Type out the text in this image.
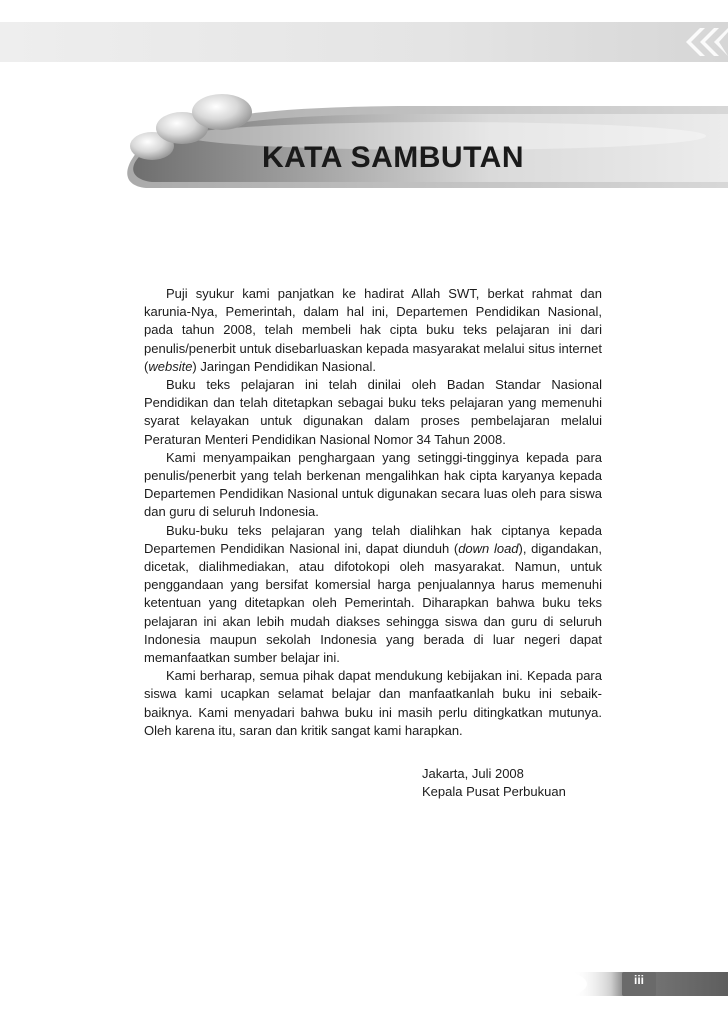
KATA SAMBUTAN

Puji syukur kami panjatkan ke hadirat Allah SWT, berkat rahmat dan karunia-Nya, Pemerintah, dalam hal ini, Departemen Pendidikan Nasional, pada tahun 2008, telah membeli hak cipta buku teks pelajaran ini dari penulis/penerbit untuk disebarluaskan kepada masyarakat melalui situs internet (website) Jaringan Pendidikan Nasional.

Buku teks pelajaran ini telah dinilai oleh Badan Standar Nasional Pendidikan dan telah ditetapkan sebagai buku teks pelajaran yang memenuhi syarat kelayakan untuk digunakan dalam proses pembelajaran melalui Peraturan Menteri Pendidikan Nasional Nomor 34 Tahun 2008.

Kami menyampaikan penghargaan yang setinggi-tingginya kepada para penulis/penerbit yang telah berkenan mengalihkan hak cipta karyanya kepada Departemen Pendidikan Nasional untuk digunakan secara luas oleh para siswa dan guru di seluruh Indonesia.

Buku-buku teks pelajaran yang telah dialihkan hak ciptanya kepada Departemen Pendidikan Nasional ini, dapat diunduh (down load), digandakan, dicetak, dialihmediakan, atau difotokopi oleh masyarakat. Namun, untuk penggandaan yang bersifat komersial harga penjualannya harus memenuhi ketentuan yang ditetapkan oleh Pemerintah. Diharapkan bahwa buku teks pelajaran ini akan lebih mudah diakses sehingga siswa dan guru di seluruh Indonesia maupun sekolah Indonesia yang berada di luar negeri dapat memanfaatkan sumber belajar ini.

Kami berharap, semua pihak dapat mendukung kebijakan ini. Kepada para siswa kami ucapkan selamat belajar dan manfaatkanlah buku ini sebaik-baiknya. Kami menyadari bahwa buku ini masih perlu ditingkatkan mutunya. Oleh karena itu, saran dan kritik sangat kami harapkan.

Jakarta, Juli 2008
Kepala Pusat Perbukuan
iii
